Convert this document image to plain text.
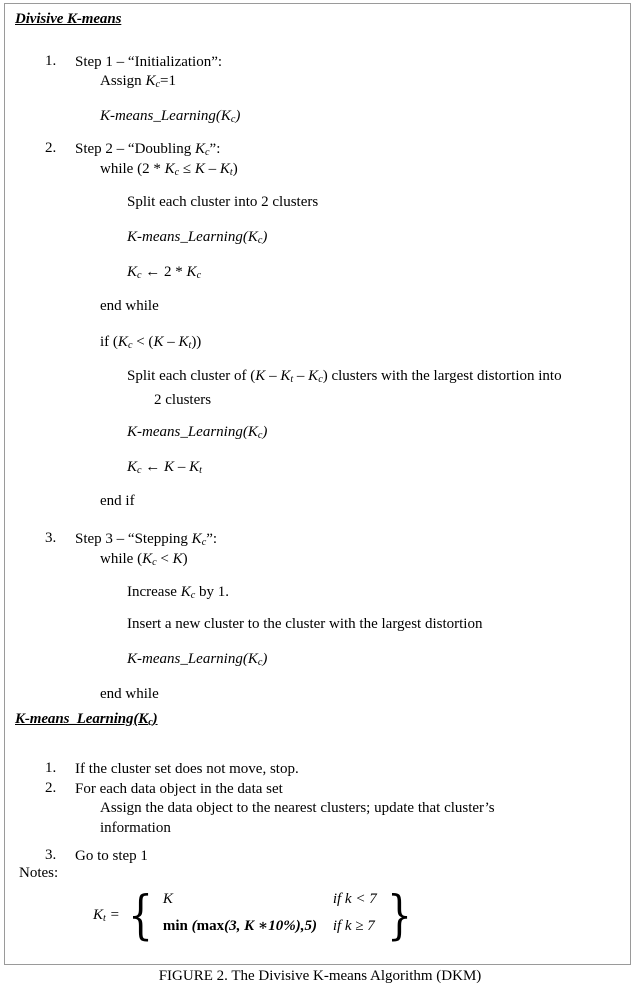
Divisive K-means
1. Step 1 – “Initialization”:
Assign $K_c=1$
$K-means\_Learning(K_c)$
2. Step 2 – “Doubling $K_c$”:
while $(2 * K_c \le K - K_t)$
Split each cluster into 2 clusters
$K-means\_Learning(K_c)$
$K_c$ ← $2 * K_c$
end while
if $(K_c < (K - K_t))$
Split each cluster of $(K - K_t - K_c)$ clusters with the largest distortion into
2 clusters
$K-means\_Learning(K_c)$
$K_c$ ← K – $K_t$
end if
3. Step 3 – “Stepping $K_c$”:
while $(K_c < K)$
Increase $K_c$ by 1.
Insert a new cluster to the cluster with the largest distortion
$K-means\_Learning(K_c)$
end while
$K-means\_Learning(K_c)$
1. If the cluster set does not move, stop.
2. For each data object in the data set
Assign the data object to the nearest clusters; update that cluster’s
information
3. Go to step 1
Notes:
$K_t$ = { K	if k < 7
min (max(3, K ∗10%),5)	if k ≥ 7 }
FIGURE 2. The Divisive K-means Algorithm (DKM)
